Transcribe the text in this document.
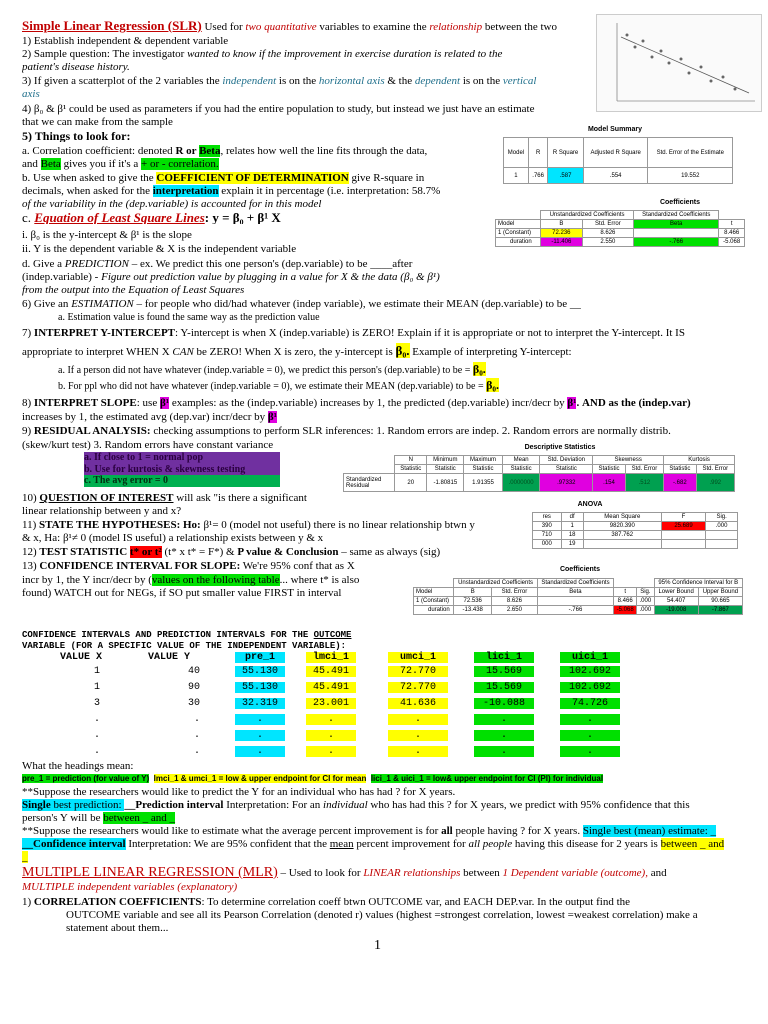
Simple Linear Regression (SLR) Used for two quantitative variables to examine the relationship between the two
1) Establish independent & dependent variable
2) Sample question: The investigator wanted to know if the improvement in exercise duration is related to the
patient's disease history.
3) If given a scatterplot of the 2 variables the independent is on the horizontal axis & the dependent is on the vertical
axis
4) β₀ & β¹ could be used as parameters if you had the entire population to study, but instead we just have an estimate
that we can make from the sample
5) Things to look for:
a. Correlation coefficient: denoted R or Beta, relates how well the line fits through the data,
and Beta gives you if it's a + or - correlation.
b. Use when asked to give the COEFFICIENT OF DETERMINATION give R-square in
decimals, when asked for the interpretation explain it in percentage (i.e. interpretation: 58.7%
of the variability in the (dep.variable) is accounted for in this model
c. Equation of Least Square Lines: y = β₀ + β¹ X
i. β₀ is the y-intercept & β¹ is the slope
ii. Y is the dependent variable & X is the independent variable
d. Give a PREDICTION – ex. We predict this one person's (dep.variable) to be ____after
(indep.variable) - Figure out prediction value by plugging in a value for X & the data (β₀ & β¹)
from the output into the Equation of Least Squares
Model Summary
Model	R	R Square	Adjusted R Square	Std. Error of the Estimate
1	.766	.587	.554	19.552
Coefficients
	Unstandardized Coefficients		Standardized Coefficients	
Model	B	Std. Error	Beta	t
1 (Constant)	72.236	8.626		8.466
duration	-11.406	2.550	-.766	-5.068
6) Give an ESTIMATION – for people who did/had whatever (indep variable), we estimate their MEAN (dep.variable) to be __
a. Estimation value is found the same way as the prediction value
7) INTERPRET Y-INTERCEPT: Y-intercept is when X (indep.variable) is ZERO! Explain if it is appropriate or not to interpret the Y-intercept. It IS
appropriate to interpret WHEN X CAN be ZERO! When X is zero, the y-intercept is β₀. Example of interpreting Y-intercept:
a. If a person did not have whatever (indep.variable = 0), we predict this person's (dep.variable) to be = β₀.
b. For ppl who did not have whatever (indep.variable = 0), we estimate their MEAN (dep.variable) to be = β₀.
8) INTERPRET SLOPE: use β¹ examples: as the (indep.variable) increases by 1, the predicted (dep.variable) incr/decr by β¹. AND as the (indep.var)
increases by 1, the estimated avg (dep.var) incr/decr by β¹
9) RESIDUAL ANALYSIS: checking assumptions to perform SLR inferences: 1. Random errors are indep. 2. Random errors are normally distrib.
(skew/kurt test) 3. Random errors have constant variance
a. If close to 1 = normal pop
b. Use for kurtosis & skewness testing
c. The avg error = 0
Descriptive Statistics
	N	Minimum	Maximum	Mean	Std. Deviation	Skewness		Kurtosis	
	Statistic	Statistic	Statistic	Statistic	Statistic	Statistic	Std. Error	Statistic	Std. Error
Standardized Residual	20	-1.80815	1.91355	.0000000	.97332	.154	.512	-.682	.992
10) QUESTION OF INTEREST will ask "is there a significant
linear relationship between y and x?
11) STATE THE HYPOTHESES: Ho: β¹= 0 (model not useful) there is no linear relationship btwn y
& x, Ha: β¹≠ 0 (model IS useful) a relationship exists between y & x
12) TEST STATISTIC t* or t² (t* x t* = F*) & P value & Conclusion – same as always (sig)
13) CONFIDENCE INTERVAL FOR SLOPE: We're 95% conf that as X
incr by 1, the Y incr/decr by (values on the following table... where t* is also
found) WATCH out for NEGs, if SO put smaller value FIRST in interval
ANOVA
res	df	Mean Square	F	Sig.
390	1	9820.390	25.689	.000
710	18	387.762		
000	19			
Coefficients
	Unstandardized Coefficients		Standardized Coefficients			95% Confidence Interval for B	
Model	B	Std. Error	Beta	t	Sig.	Lower Bound	Upper Bound
1 (Constant)	72.536	8.626		8.466	.000	54.407	90.665
duration	-13.438	2.650	-.766	-5.068	.000	-19.008	-7.867
CONFIDENCE INTERVALS AND PREDICTION INTERVALS FOR THE OUTCOME
VARIABLE (FOR A SPECIFIC VALUE OF THE INDEPENDENT VARIABLE):
VALUE X	VALUE Y	pre_1	lmci_1	umci_1	lici_1	uici_1
1	40	55.130	45.491	72.770	15.569	102.692
1	90	55.130	45.491	72.770	15.569	102.692
3	30	32.319	23.001	41.636	-10.088	74.726
.	.	.	.	.	.	.
.	.	.	.	.	.	.
.	.	.	.	.	.	.
What the headings mean:
pre_1 = prediction (for value of Y) lmci_1 & umci_1 = low & upper endpoint for CI for mean lici_1 & uici_1 = low& upper endpoint for CI (PI) for individual
**Suppose the researchers would like to predict the Y for an individual who has had ? for X years.
Single best prediction: __Prediction interval Interpretation: For an individual who has had this ? for X years, we predict with 95% confidence that this
person's Y will be between _ and _
**Suppose the researchers would like to estimate what the average percent improvement is for all people having ? for X years. Single best (mean) estimate: _
__Confidence interval Interpretation: We are 95% confident that the mean percent improvement for all people having this disease for 2 years is between _ and
_
MULTIPLE LINEAR REGRESSION (MLR) – Used to look for LINEAR relationships between 1 Dependent variable (outcome), and
MULTIPLE independent variables (explanatory)
1) CORRELATION COEFFICIENTS: To determine correlation coeff btwn OUTCOME var, and EACH DEP.var. In the output find the
OUTCOME variable and see all its Pearson Correlation (denoted r) values (highest =strongest correlation, lowest =weakest correlation) make a
statement about them...
1
